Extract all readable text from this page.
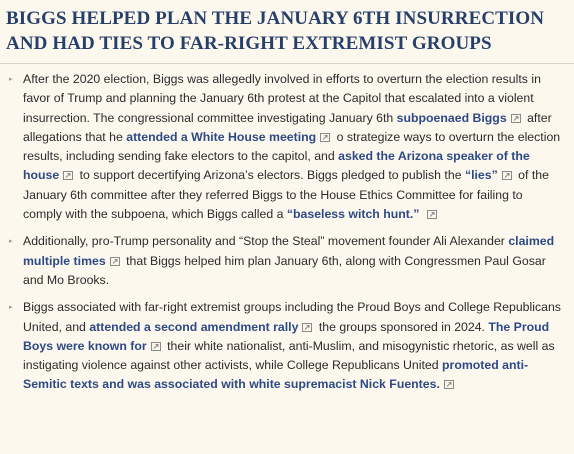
BIGGS HELPED PLAN THE JANUARY 6TH INSURRECTION AND HAD TIES TO FAR-RIGHT EXTREMIST GROUPS
▸ After the 2020 election, Biggs was allegedly involved in efforts to overturn the election results in favor of Trump and planning the January 6th protest at the Capitol that escalated into a violent insurrection. The congressional committee investigating January 6th subpoenaed Biggs
after allegations that he attended a White House meeting
o strategize ways to overturn the election results, including sending fake electors to the capitol, and asked the Arizona speaker of the house
to support decertifying Arizona’s electors. Biggs pledged to publish the “lies”
of the January 6th committee after they referred Biggs to the House Ethics Committee for failing to comply with the subpoena, which Biggs called a “baseless witch hunt.”
▸ Additionally, pro-Trump personality and “Stop the Steal” movement founder Ali Alexander claimed multiple times
that Biggs helped him plan January 6th, along with Congressmen Paul Gosar and Mo Brooks.
▸ Biggs associated with far-right extremist groups including the Proud Boys and College Republicans United, and attended a second amendment rally
the groups sponsored in 2024. The Proud Boys were known for
their white nationalist, anti-Muslim, and misogynistic rhetoric, as well as instigating violence against other activists, while College Republicans United promoted anti-Semitic texts and was associated with white supremacist Nick Fuentes.
